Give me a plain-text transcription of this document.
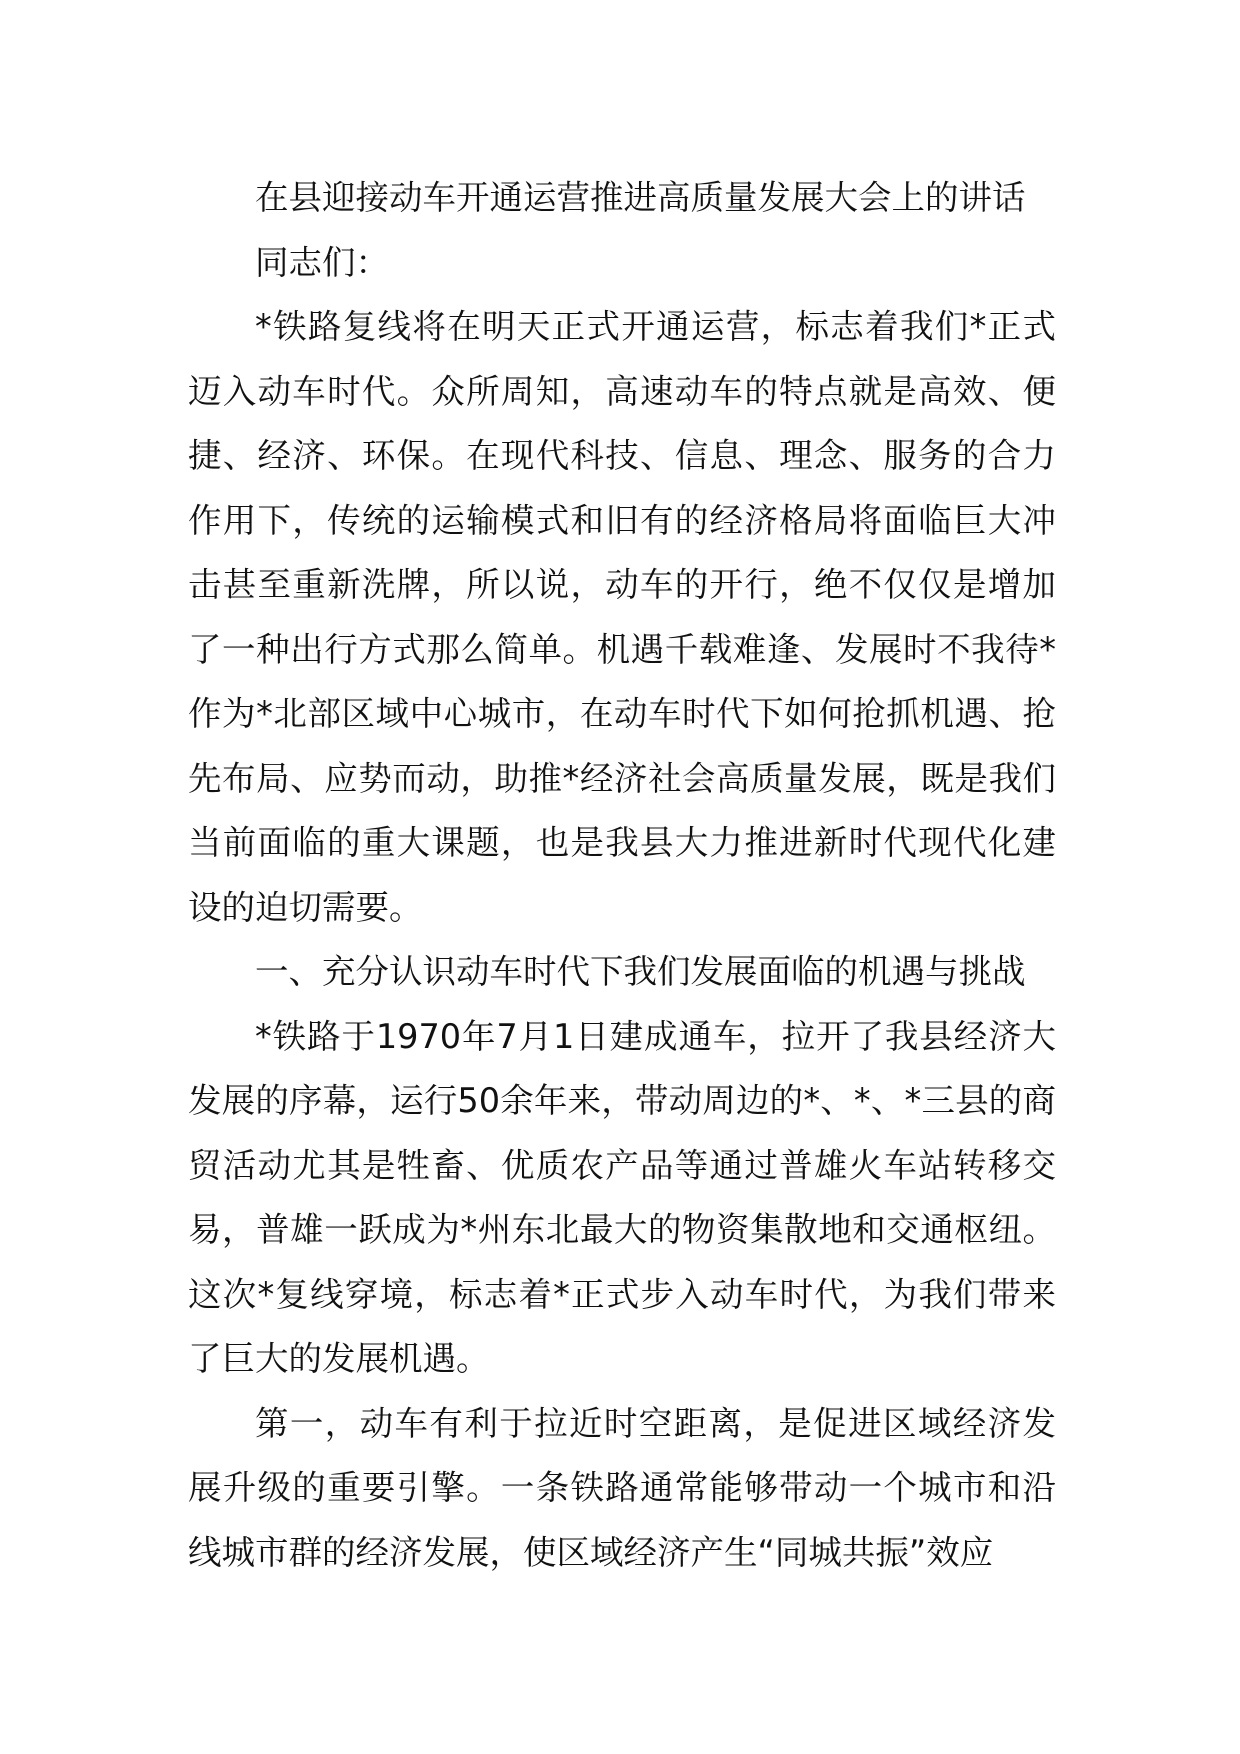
在县迎接动车开通运营推进高质量发展大会上的讲话

同志们：

*铁路复线将在明天正式开通运营，标志着我们*正式迈入动车时代。众所周知，高速动车的特点就是高效、便捷、经济、环保。在现代科技、信息、理念、服务的合力作用下，传统的运输模式和旧有的经济格局将面临巨大冲击甚至重新洗牌，所以说，动车的开行，绝不仅仅是增加了一种出行方式那么简单。机遇千载难逢、发展时不我待*作为*北部区域中心城市，在动车时代下如何抢抓机遇、抢先布局、应势而动，助推*经济社会高质量发展，既是我们当前面临的重大课题，也是我县大力推进新时代现代化建设的迫切需要。

一、充分认识动车时代下我们发展面临的机遇与挑战

*铁路于1970年7月1日建成通车，拉开了我县经济大发展的序幕，运行50余年来，带动周边的*、*、*三县的商贸活动尤其是牲畜、优质农产品等通过普雄火车站转移交易，普雄一跃成为*州东北最大的物资集散地和交通枢纽。这次*复线穿境，标志着*正式步入动车时代，为我们带来了巨大的发展机遇。

第一，动车有利于拉近时空距离，是促进区域经济发展升级的重要引擎。一条铁路通常能够带动一个城市和沿线城市群的经济发展，使区域经济产生“同城共振”效应
